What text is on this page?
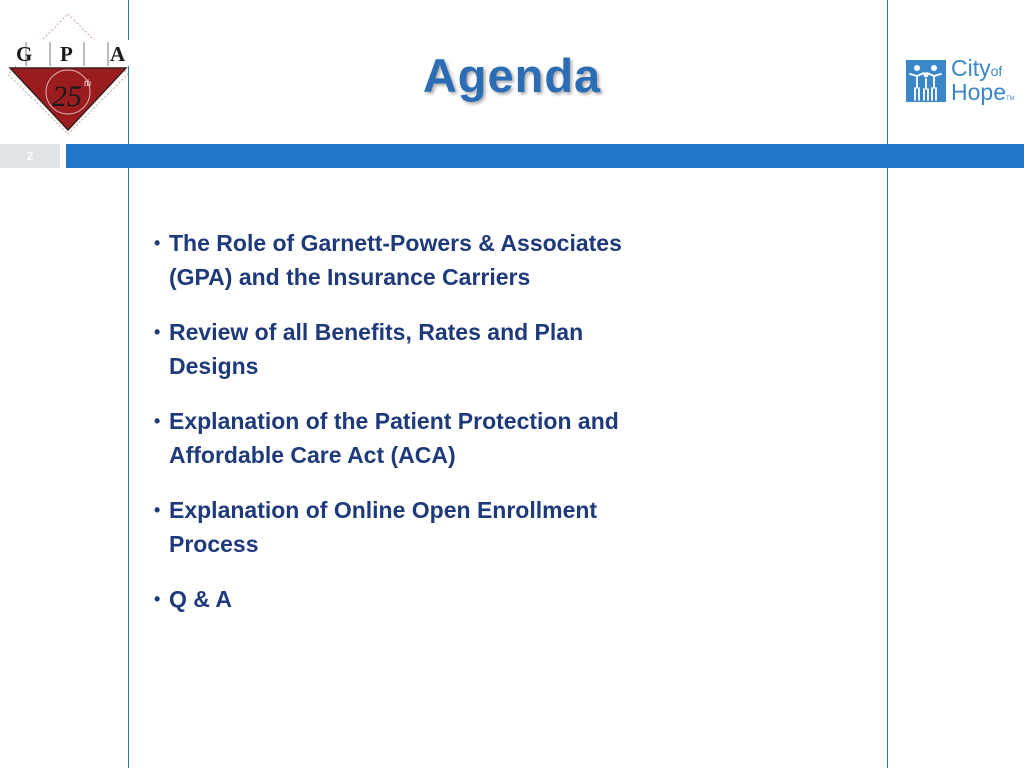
G P A
25 th	Agenda	Cityof
HopeTM
2
• The Role of Garnett-Powers & Associates
(GPA) and the Insurance Carriers
• Review of all Benefits, Rates and Plan
Designs
• Explanation of the Patient Protection and
Affordable Care Act (ACA)
• Explanation of Online Open Enrollment
Process
• Q & A
